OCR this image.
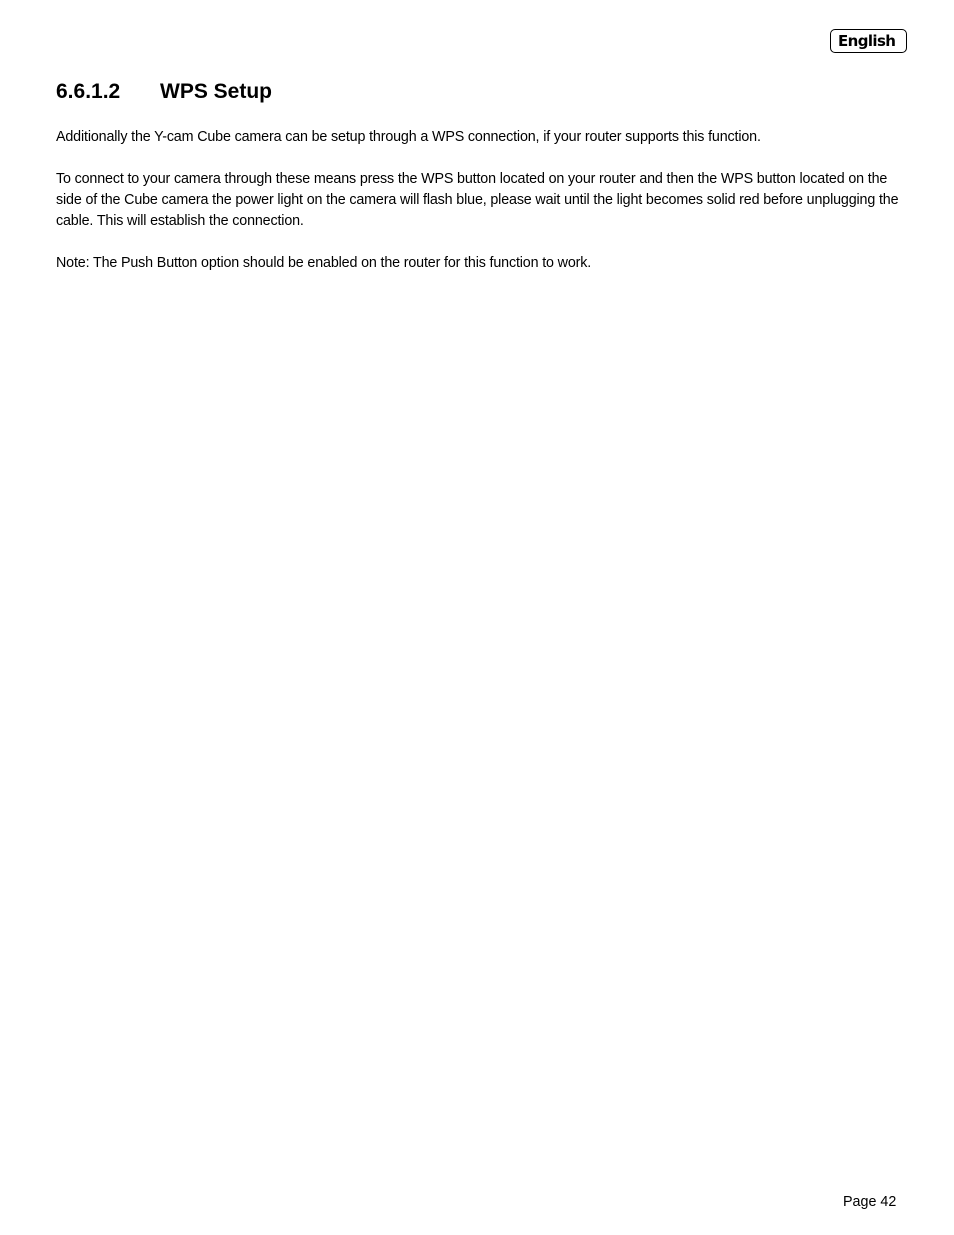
English
6.6.1.2 WPS Setup

Additionally the Y-cam Cube camera can be setup through a WPS connection, if your router supports this function.

To connect to your camera through these means press the WPS button located on your router and then the WPS button located on the side of the Cube camera the power light on the camera will flash blue, please wait until the light becomes solid red before unplugging the cable. This will establish the connection.

Note: The Push Button option should be enabled on the router for this function to work.

Page 42
